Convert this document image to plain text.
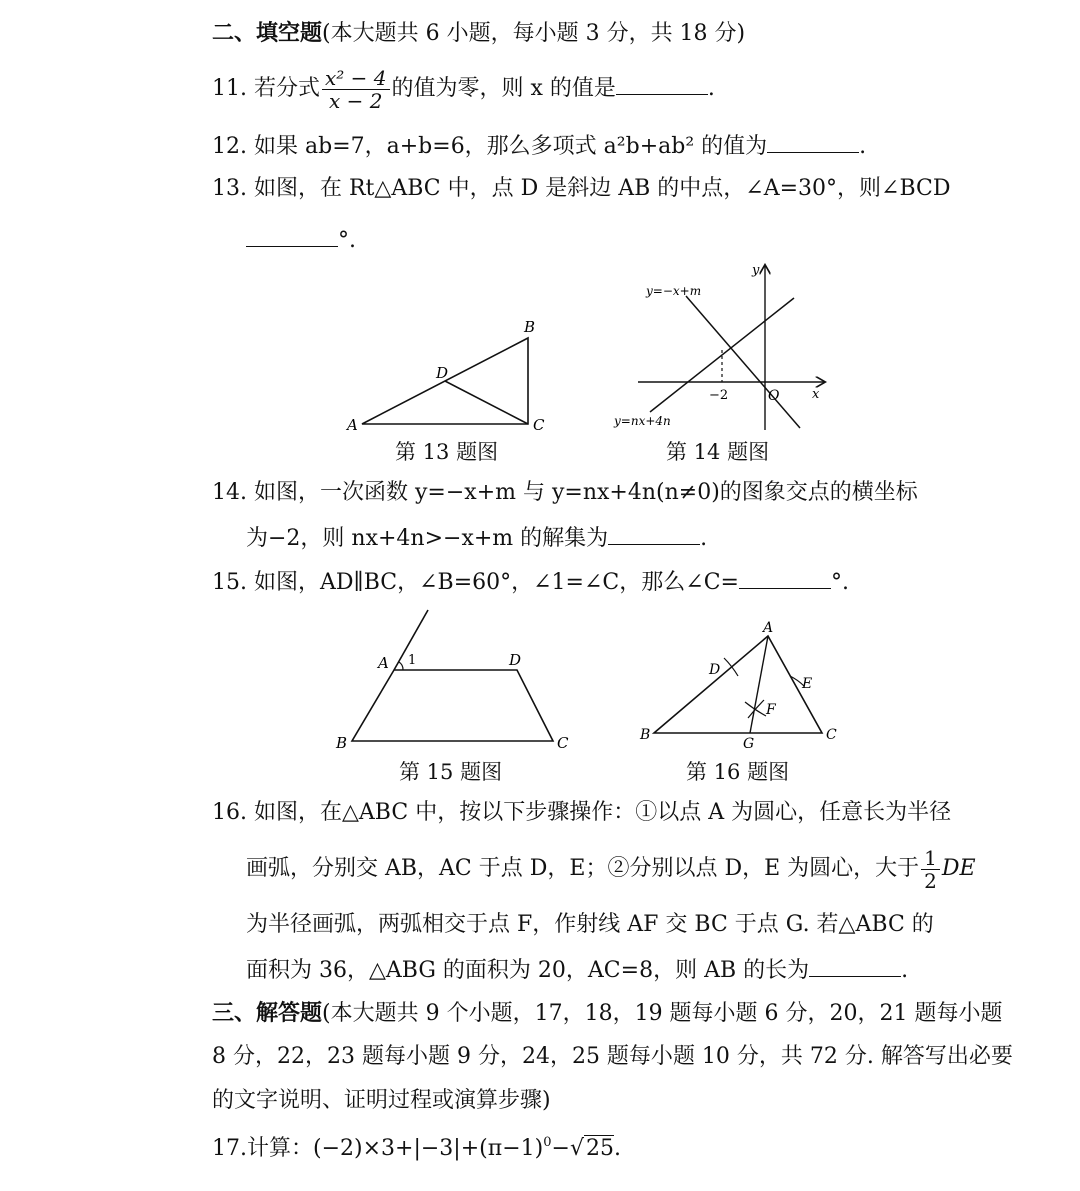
二、填空题(本大题共 6 小题，每小题 3 分，共 18 分)
11. 若分式 $\frac{\text{x² − 4}}{x - 2}$ 的值为零，则 x 的值是	.
12. 如果 ab=7，a+b=6，那么多项式 a²b+ab² 的值为	.
13. 如图，在 Rt△ABC 中，点 D 是斜边 AB 的中点，∠A=30°，则∠BCD
°.
A
B
C
D
第 13 题图
y
x
O
−2
y=−x+m
y=nx+4n
第 14 题图
14. 如图，一次函数 y=−x+m 与 y=nx+4n(n≠0)的图象交点的横坐标
为−2，则 nx+4n>−x+m 的解集为	.
15. 如图，AD∥BC，∠B=60°，∠1=∠C，那么∠C=	°.
A 1	D
B	C
第 15 题图
A
D
E
F
B
G
C
第 16 题图
16. 如图，在△ABC 中，按以下步骤操作：①以点 A 为圆心，任意长为半径
画弧，分别交 AB，AC 于点 D，E；②分别以点 D，E 为圆心，大于 $\frac{1}{2}$ DE
为半径画弧，两弧相交于点 F，作射线 AF 交 BC 于点 G. 若△ABC 的
面积为 36，△ABG 的面积为 20，AC=8，则 AB 的长为	.
三、解答题(本大题共 9 个小题，17，18，19 题每小题 6 分，20，21 题每小题
8 分，22，23 题每小题 9 分，24，25 题每小题 10 分，共 72 分. 解答写出必要
的文字说明、证明过程或演算步骤)
17.计算：$(-2)\times 3+|-3|+(\pi-1)^0-√25$.
